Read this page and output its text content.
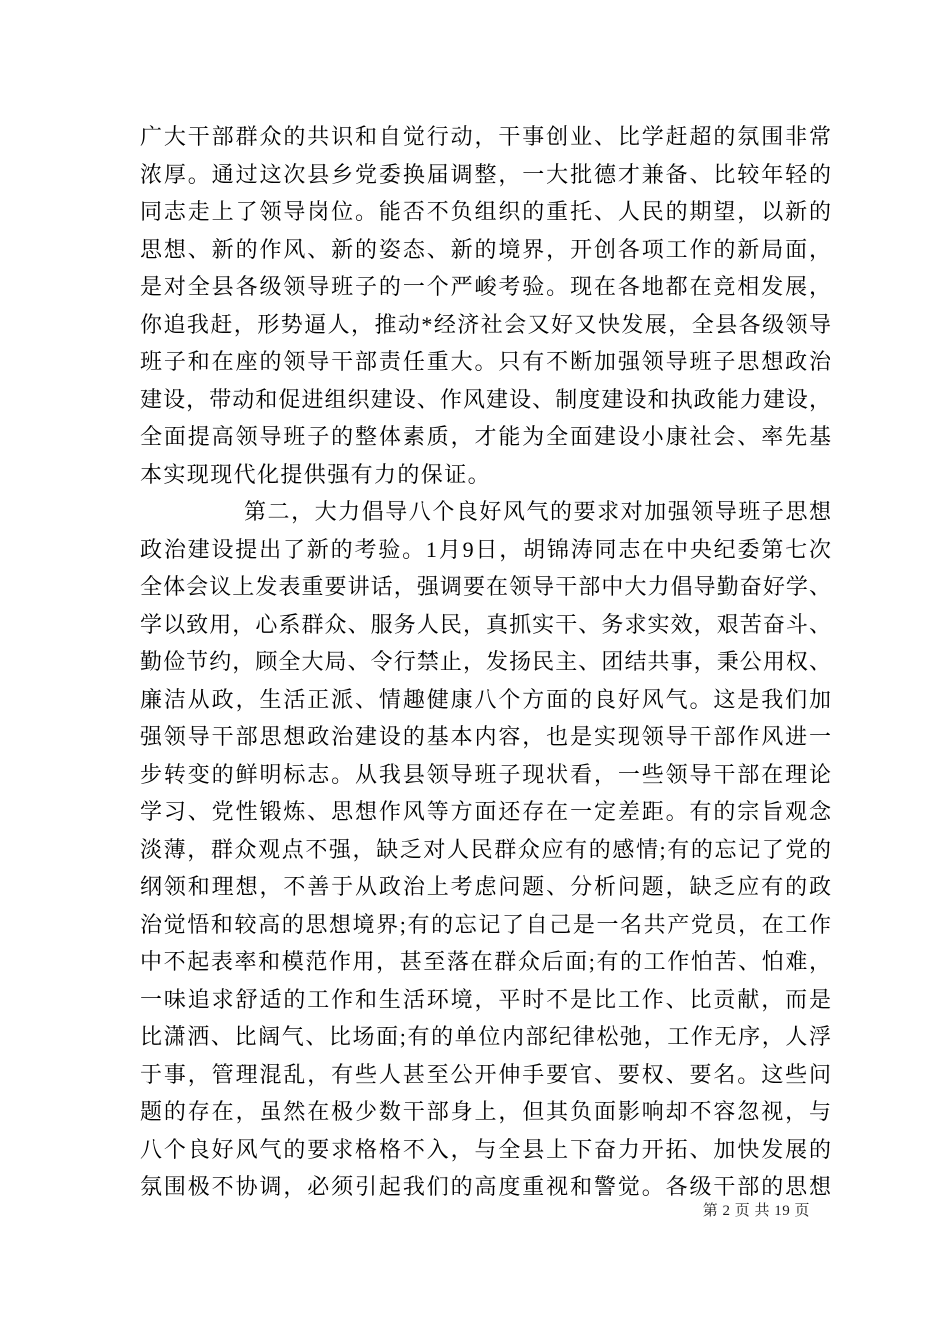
广大干部群众的共识和自觉行动，干事创业、比学赶超的氛围非常
浓厚。通过这次县乡党委换届调整，一大批德才兼备、比较年轻的
同志走上了领导岗位。能否不负组织的重托、人民的期望，以新的
思想、新的作风、新的姿态、新的境界，开创各项工作的新局面，
是对全县各级领导班子的一个严峻考验。现在各地都在竞相发展，
你追我赶，形势逼人，推动*经济社会又好又快发展，全县各级领导
班子和在座的领导干部责任重大。只有不断加强领导班子思想政治
建设，带动和促进组织建设、作风建设、制度建设和执政能力建设，
全面提高领导班子的整体素质，才能为全面建设小康社会、率先基
本实现现代化提供强有力的保证。
第二，大力倡导八个良好风气的要求对加强领导班子思想
政治建设提出了新的考验。1月9日，胡锦涛同志在中央纪委第七次
全体会议上发表重要讲话，强调要在领导干部中大力倡导勤奋好学、
学以致用，心系群众、服务人民，真抓实干、务求实效，艰苦奋斗、
勤俭节约，顾全大局、令行禁止，发扬民主、团结共事，秉公用权、
廉洁从政，生活正派、情趣健康八个方面的良好风气。这是我们加
强领导干部思想政治建设的基本内容，也是实现领导干部作风进一
步转变的鲜明标志。从我县领导班子现状看，一些领导干部在理论
学习、党性锻炼、思想作风等方面还存在一定差距。有的宗旨观念
淡薄，群众观点不强，缺乏对人民群众应有的感情;有的忘记了党的
纲领和理想，不善于从政治上考虑问题、分析问题，缺乏应有的政
治觉悟和较高的思想境界;有的忘记了自己是一名共产党员，在工作
中不起表率和模范作用，甚至落在群众后面;有的工作怕苦、怕难，
一味追求舒适的工作和生活环境，平时不是比工作、比贡献，而是
比潇洒、比阔气、比场面;有的单位内部纪律松弛，工作无序，人浮
于事，管理混乱，有些人甚至公开伸手要官、要权、要名。这些问
题的存在，虽然在极少数干部身上，但其负面影响却不容忽视，与
八个良好风气的要求格格不入，与全县上下奋力开拓、加快发展的
氛围极不协调，必须引起我们的高度重视和警觉。各级干部的思想
第 2 页 共 19 页
